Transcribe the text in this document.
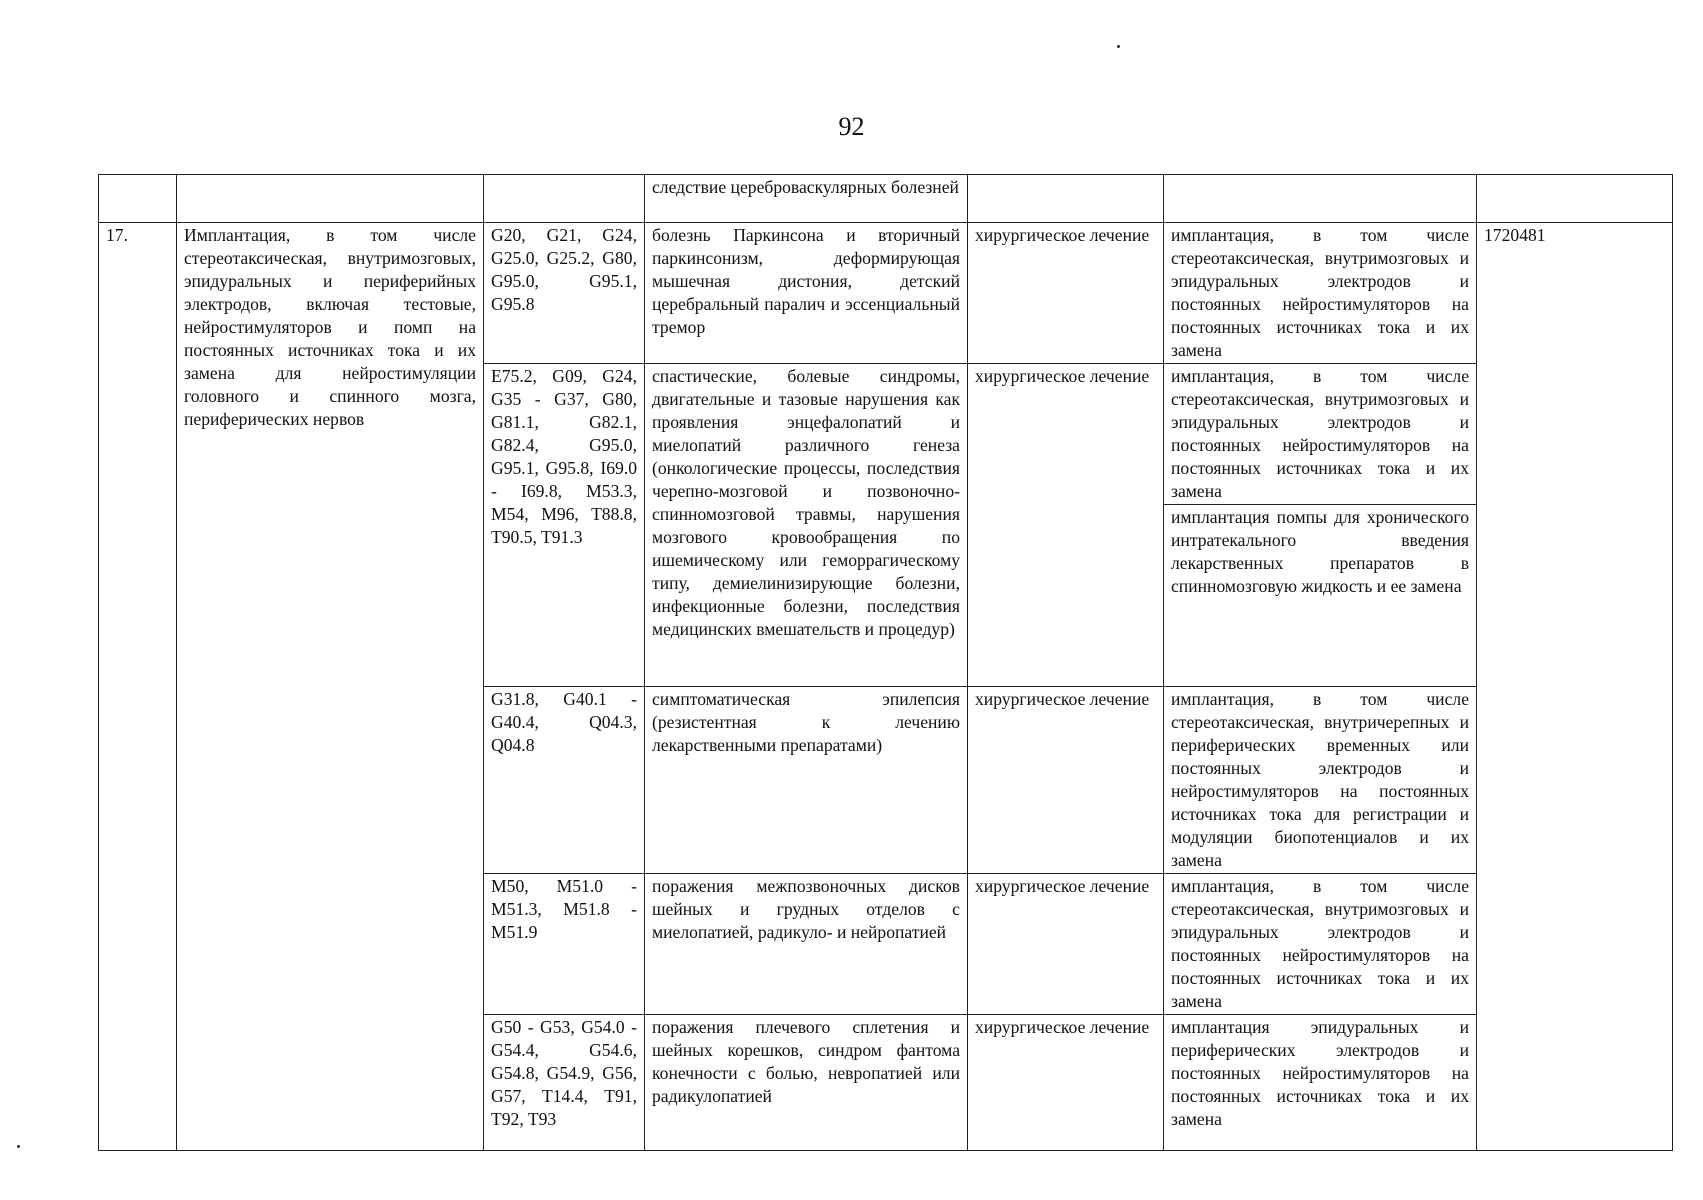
92
			следствие цереброваскулярных болезней			
17.	Имплантация, в том числе стереотаксическая, внутримозговых, эпидуральных и периферийных электродов, включая тестовые, нейростимуляторов и помп на постоянных источниках тока и их замена для нейростимуляции головного и спинного мозга, периферических нервов	G20, G21, G24, G25.0, G25.2, G80, G95.0, G95.1, G95.8	болезнь Паркинсона и вторичный паркинсонизм, деформирующая мышечная дистония, детский церебральный паралич и эссенциальный тремор	хирургическое лечение	имплантация, в том числе стереотаксическая, внутримозговых и эпидуральных электродов и постоянных нейростимуляторов на постоянных источниках тока и их замена	1720481
		E75.2, G09, G24, G35 - G37, G80, G81.1, G82.1, G82.4, G95.0, G95.1, G95.8, I69.0 - I69.8, M53.3, M54, M96, T88.8, T90.5, T91.3	спастические, болевые синдромы, двигательные и тазовые нарушения как проявления энцефалопатий и миелопатий различного генеза (онкологические процессы, последствия черепно-мозговой и позвоночно-спинномозговой травмы, нарушения мозгового кровообращения по ишемическому или геморрагическому типу, демиелинизирующие болезни, инфекционные болезни, последствия медицинских вмешательств и процедур)	хирургическое лечение	имплантация, в том числе стереотаксическая, внутримозговых и эпидуральных электродов и постоянных нейростимуляторов на постоянных источниках тока и их замена	
					имплантация помпы для хронического интратекального введения лекарственных препаратов в спинномозговую жидкость и ее замена	
		G31.8, G40.1 - G40.4, Q04.3, Q04.8	симптоматическая эпилепсия (резистентная к лечению лекарственными препаратами)	хирургическое лечение	имплантация, в том числе стереотаксическая, внутричерепных и периферических временных или постоянных электродов и нейростимуляторов на постоянных источниках тока для регистрации и модуляции биопотенциалов и их замена	
		M50, M51.0 - M51.3, M51.8 - M51.9	поражения межпозвоночных дисков шейных и грудных отделов с миелопатией, радикуло- и нейропатией	хирургическое лечение	имплантация, в том числе стереотаксическая, внутримозговых и эпидуральных электродов и постоянных нейростимуляторов на постоянных источниках тока и их замена	
		G50 - G53, G54.0 - G54.4, G54.6, G54.8, G54.9, G56, G57, T14.4, T91, T92, T93	поражения плечевого сплетения и шейных корешков, синдром фантома конечности с болью, невропатией или радикулопатией	хирургическое лечение	имплантация эпидуральных и периферических электродов и постоянных нейростимуляторов на постоянных источниках тока и их замена	
